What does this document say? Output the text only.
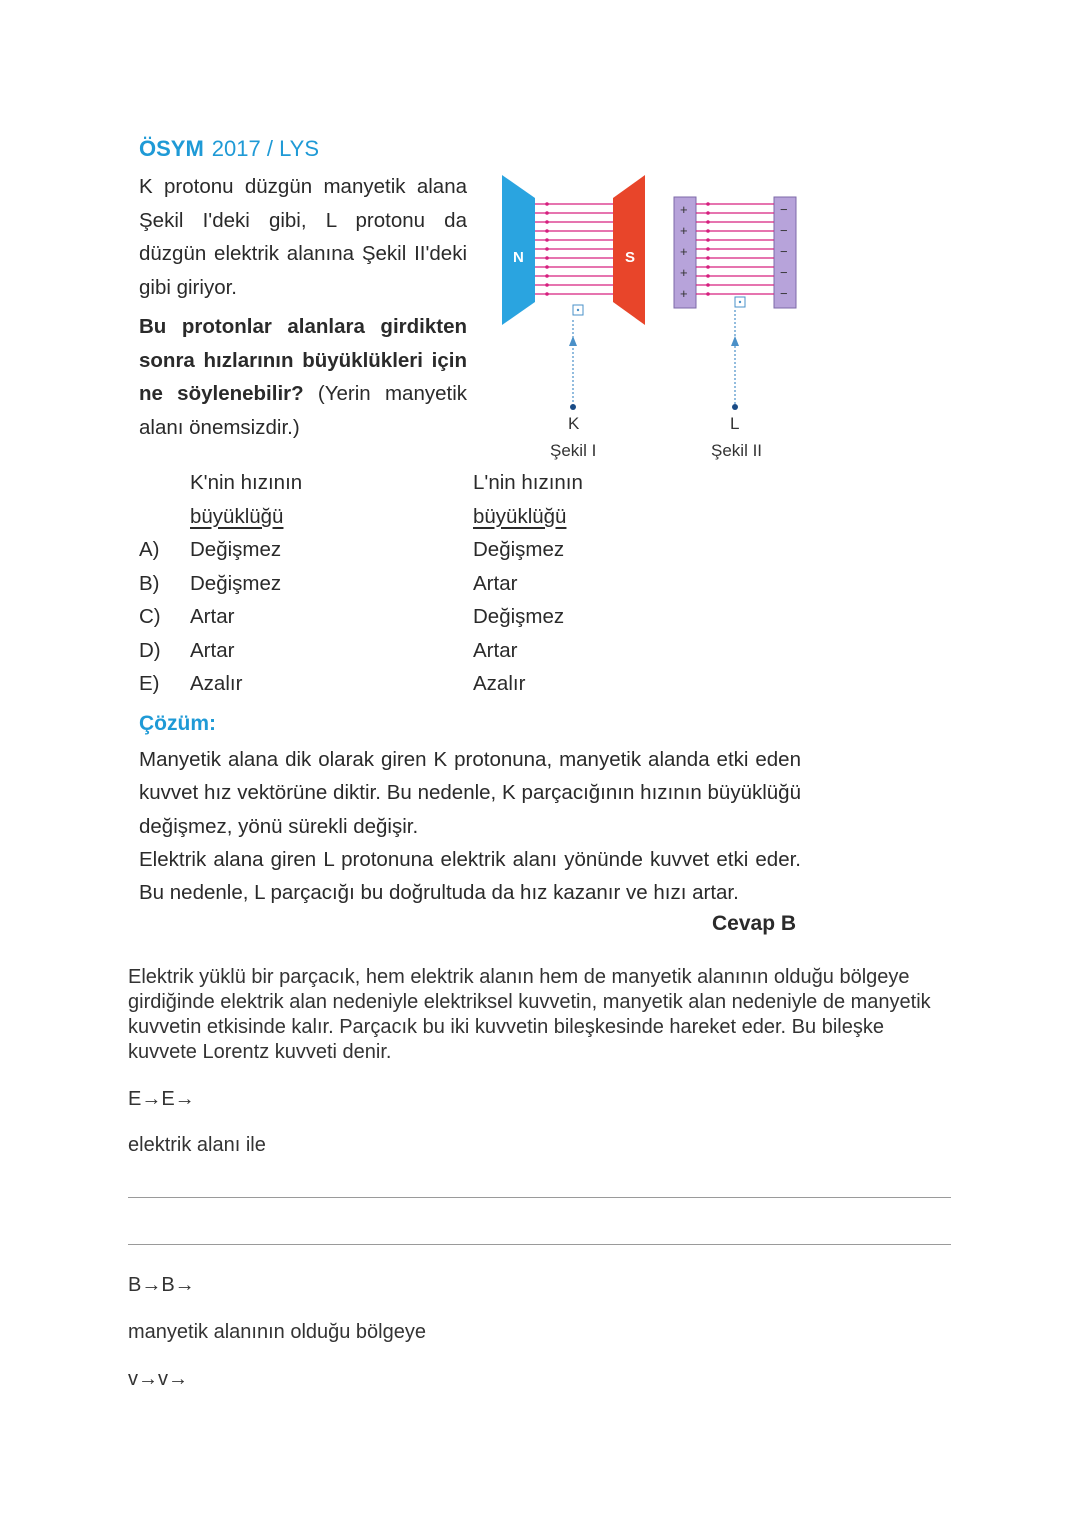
ÖSYM 2017 / LYS

K protonu düzgün manyetik alana Şekil I'deki gibi, L protonu da düzgün elektrik alanına Şekil II'deki gibi giriyor.

Bu protonlar alanlara girdikten sonra hızlarının büyüklükleri için ne söylenebilir? (Yerin manyetik alanı önemsizdir.)

N	S
K
+
+
+
+
+
−
−
−
−
−
L
Şekil I	Şekil II
K'nin hızının
büyüklüğü
L'nin hızının
büyüklüğü
A) Değişmez	Değişmez
B) Değişmez	Artar
C) Artar	Değişmez
D) Artar	Artar
E) Azalır	Azalır
Çözüm:

Manyetik alana dik olarak giren K protonuna, manyetik alanda etki eden kuvvet hız vektörüne diktir. Bu nedenle, K parçacığının hızının büyüklüğü değişmez, yönü sürekli değişir.

Elektrik alana giren L protonuna elektrik alanı yönünde kuvvet etki eder. Bu nedenle, L parçacığı bu doğrultuda da hız kazanır ve hızı artar.

Cevap B
Elektrik yüklü bir parçacık, hem elektrik alanın hem de manyetik alanının olduğu bölgeye girdiğinde elektrik alan nedeniyle elektriksel kuvvetin, manyetik alan nedeniyle de manyetik kuvvetin etkisinde kalır. Parçacık bu iki kuvvetin bileşkesinde hareket eder. Bu bileşke kuvvete Lorentz kuvveti denir.
E→E→
elektrik alanı ile
B→B→
manyetik alanının olduğu bölgeye
v→v→
